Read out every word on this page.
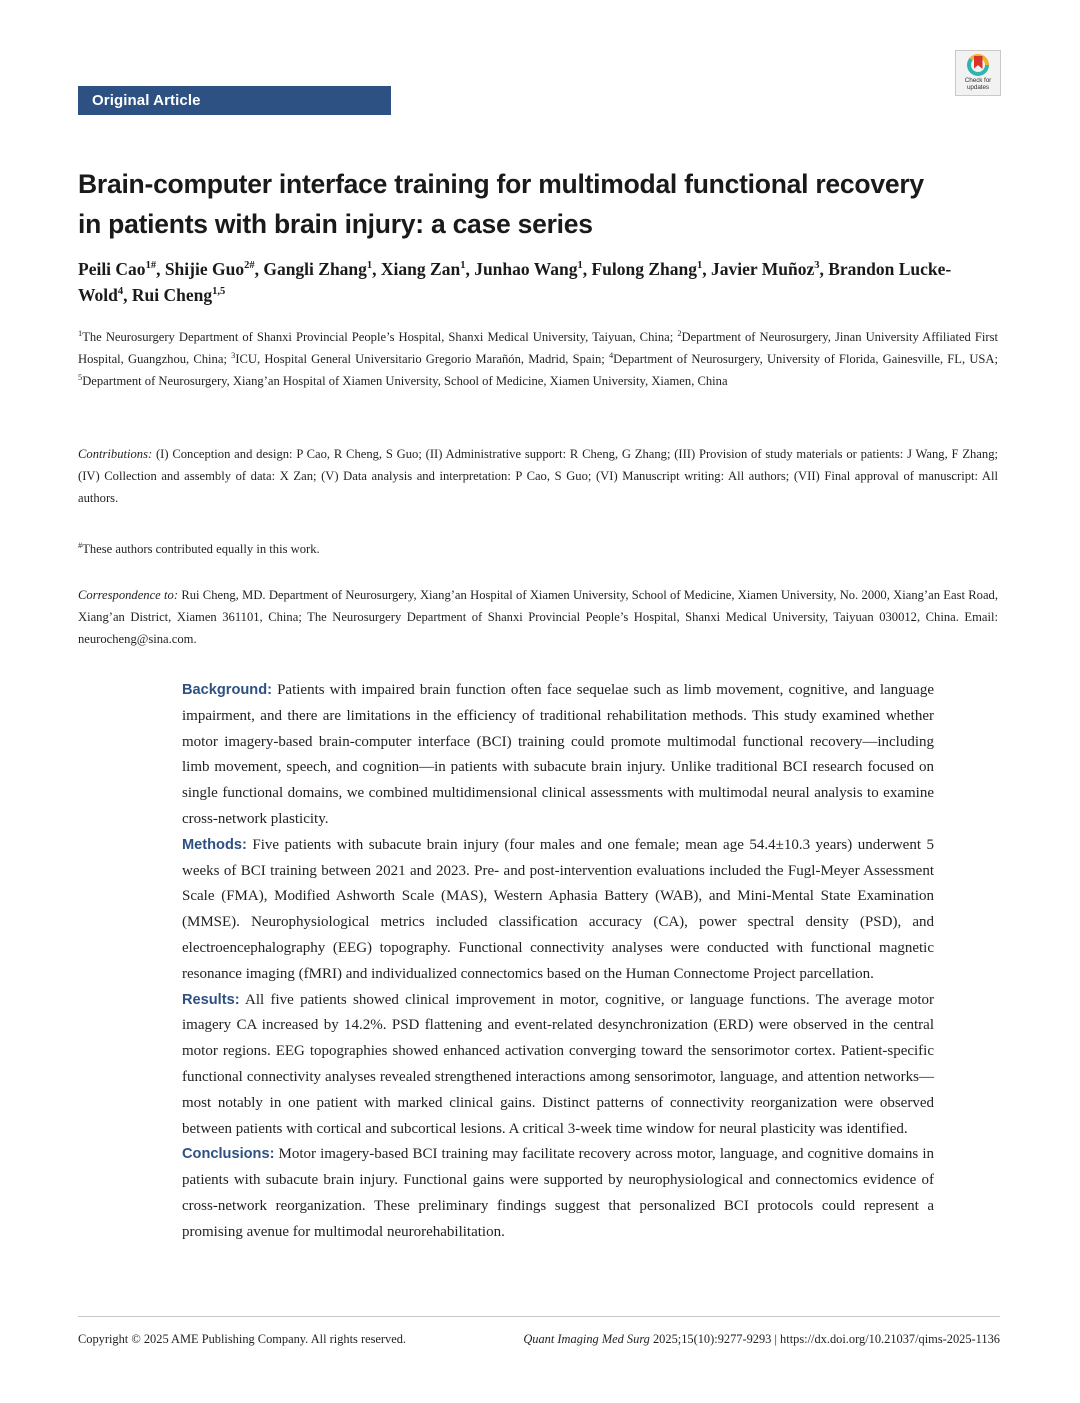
Check for
updates
Original Article
Brain-computer interface training for multimodal functional recovery in patients with brain injury: a case series
Peili Cao$^{1\#}$, Shijie Guo$^{2\#}$, Gangli Zhang$^1$, Xiang Zan$^1$, Junhao Wang$^1$, Fulong Zhang$^1$, Javier Muñoz$^3$, Brandon Lucke-Wold$^4$, Rui Cheng$^{1,5}$
$^1$The Neurosurgery Department of Shanxi Provincial People’s Hospital, Shanxi Medical University, Taiyuan, China; $^2$Department of Neurosurgery, Jinan University Affiliated First Hospital, Guangzhou, China; $^3$ICU, Hospital General Universitario Gregorio Marañón, Madrid, Spain; $^4$Department of Neurosurgery, University of Florida, Gainesville, FL, USA; $^5$Department of Neurosurgery, Xiang’an Hospital of Xiamen University, School of Medicine, Xiamen University, Xiamen, China
Contributions: (I) Conception and design: P Cao, R Cheng, S Guo; (II) Administrative support: R Cheng, G Zhang; (III) Provision of study materials or patients: J Wang, F Zhang; (IV) Collection and assembly of data: X Zan; (V) Data analysis and interpretation: P Cao, S Guo; (VI) Manuscript writing: All authors; (VII) Final approval of manuscript: All authors.
#These authors contributed equally in this work.
Correspondence to: Rui Cheng, MD. Department of Neurosurgery, Xiang’an Hospital of Xiamen University, School of Medicine, Xiamen University, No. 2000, Xiang’an East Road, Xiang’an District, Xiamen 361101, China; The Neurosurgery Department of Shanxi Provincial People’s Hospital, Shanxi Medical University, Taiyuan 030012, China. Email: neurocheng@sina.com.

Background: Patients with impaired brain function often face sequelae such as limb movement, cognitive, and language impairment, and there are limitations in the efficiency of traditional rehabilitation methods. This study examined whether motor imagery-based brain-computer interface (BCI) training could promote multimodal functional recovery—including limb movement, speech, and cognition—in patients with subacute brain injury. Unlike traditional BCI research focused on single functional domains, we combined multidimensional clinical assessments with multimodal neural analysis to examine cross-network plasticity.

Methods: Five patients with subacute brain injury (four males and one female; mean age 54.4±10.3 years) underwent 5 weeks of BCI training between 2021 and 2023. Pre- and post-intervention evaluations included the Fugl-Meyer Assessment Scale (FMA), Modified Ashworth Scale (MAS), Western Aphasia Battery (WAB), and Mini-Mental State Examination (MMSE). Neurophysiological metrics included classification accuracy (CA), power spectral density (PSD), and electroencephalography (EEG) topography. Functional connectivity analyses were conducted with functional magnetic resonance imaging (fMRI) and individualized connectomics based on the Human Connectome Project parcellation.

Results: All five patients showed clinical improvement in motor, cognitive, or language functions. The average motor imagery CA increased by 14.2%. PSD flattening and event-related desynchronization (ERD) were observed in the central motor regions. EEG topographies showed enhanced activation converging toward the sensorimotor cortex. Patient-specific functional connectivity analyses revealed strengthened interactions among sensorimotor, language, and attention networks—most notably in one patient with marked clinical gains. Distinct patterns of connectivity reorganization were observed between patients with cortical and subcortical lesions. A critical 3-week time window for neural plasticity was identified.

Conclusions: Motor imagery-based BCI training may facilitate recovery across motor, language, and cognitive domains in patients with subacute brain injury. Functional gains were supported by neurophysiological and connectomics evidence of cross-network reorganization. These preliminary findings suggest that personalized BCI protocols could represent a promising avenue for multimodal neurorehabilitation.

Copyright © 2025 AME Publishing Company. All rights reserved.	Quant Imaging Med Surg 2025;15(10):9277-9293 | https://dx.doi.org/10.21037/qims-2025-1136
